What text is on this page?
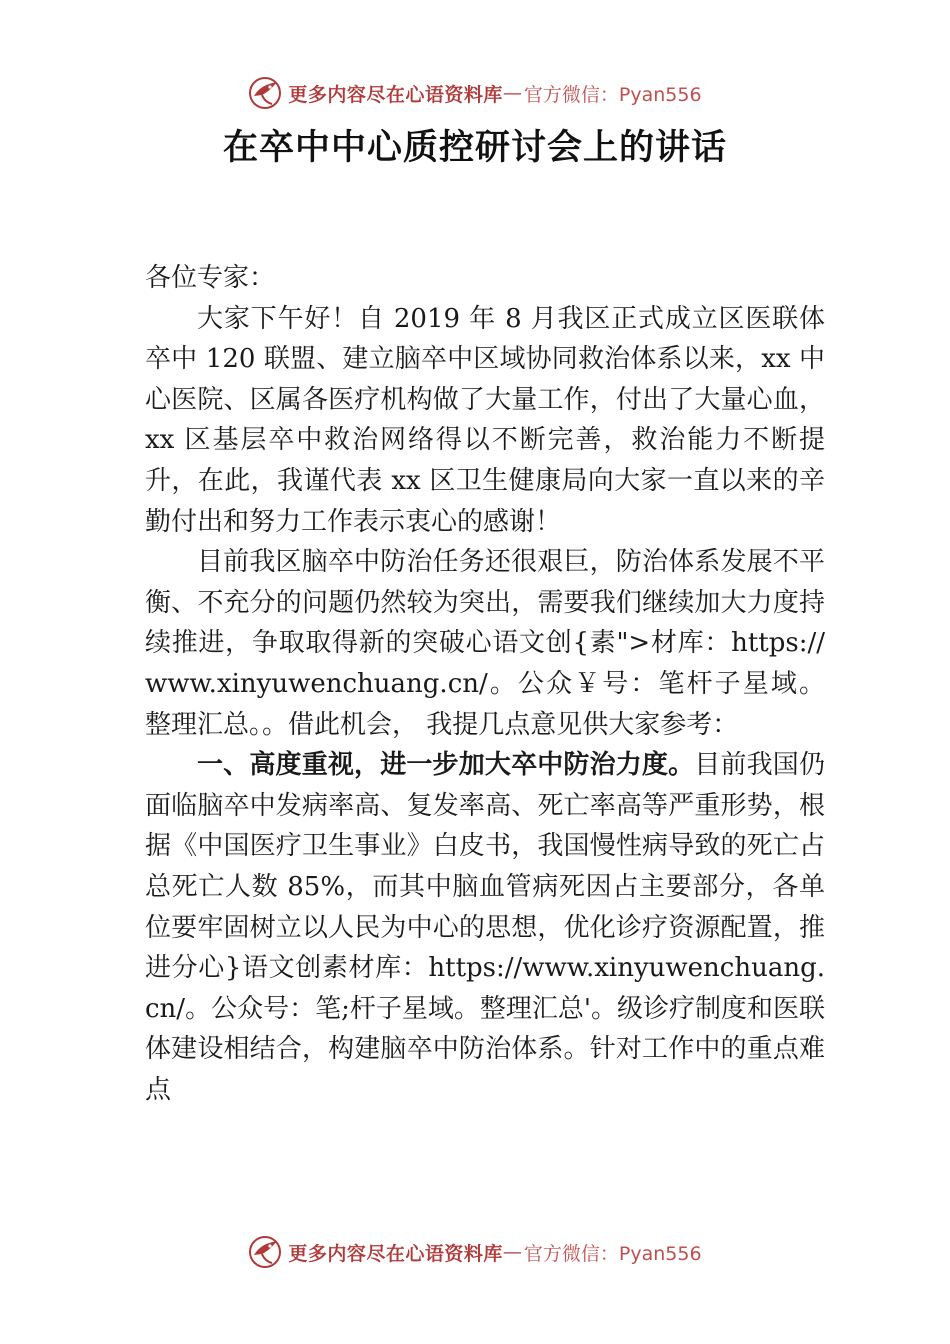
更多内容尽在心语资料库 — 官方微信：Pyan556
在卒中中心质控研讨会上的讲话

各位专家：

大家下午好！自 2019 年 8 月我区正式成立区医联体卒中 120 联盟、建立脑卒中区域协同救治体系以来，xx 中心医院、区属各医疗机构做了大量工作，付出了大量心血，xx 区基层卒中救治网络得以不断完善，救治能力不断提升，在此，我谨代表 xx 区卫生健康局向大家一直以来的辛勤付出和努力工作表示衷心的感谢！

目前我区脑卒中防治任务还很艰巨，防治体系发展不平衡、不充分的问题仍然较为突出，需要我们继续加大力度持续推进，争取取得新的突破心语文创{素">材库：https://www.xinyuwenchuang.cn/。公众￥号：笔杆子星域。整理汇总。。借此机会， 我提几点意见供大家参考：

一、高度重视，进一步加大卒中防治力度。目前我国仍面临脑卒中发病率高、复发率高、死亡率高等严重形势，根据《中国医疗卫生事业》白皮书，我国慢性病导致的死亡占总死亡人数 85%，而其中脑血管病死因占主要部分，各单位要牢固树立以人民为中心的思想，优化诊疗资源配置，推进分心}语文创素材库：https://www.xinyuwenchuang.cn/。公众号：笔;杆子星域。整理汇总'。级诊疗制度和医联体建设相结合，构建脑卒中防治体系。针对工作中的重点难点

更多内容尽在心语资料库 — 官方微信：Pyan556
